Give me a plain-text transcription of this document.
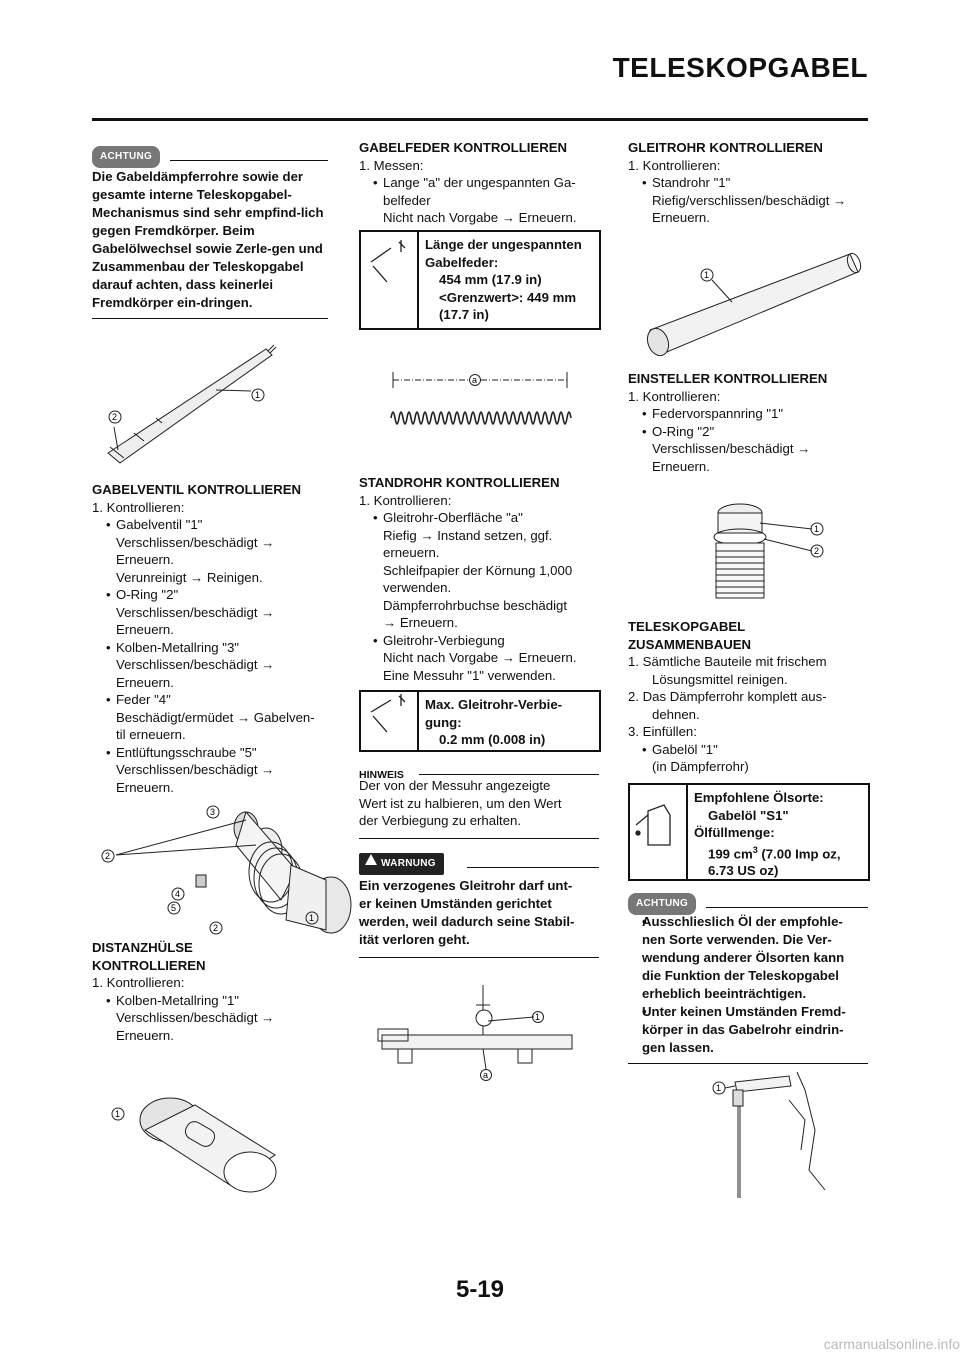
TELESKOPGABEL
ACHTUNG
Die Gabeldämpferrohre sowie der gesamte interne Teleskopgabel-Mechanismus sind sehr empfind-lich gegen Fremdkörper. Beim Gabelölwechsel sowie Zerle-gen und Zusammenbau der Teleskopgabel darauf achten, dass keinerlei Fremdkörper ein-dringen.
2
1
GABELVENTIL KONTROLLIEREN
1. Kontrollieren:
• Gabelventil "1"
Verschlissen/beschädigt →
Erneuern.
Verunreinigt → Reinigen.
• O-Ring "2"
Verschlissen/beschädigt →
Erneuern.
• Kolben-Metallring "3"
Verschlissen/beschädigt →
Erneuern.
• Feder "4"
Beschädigt/ermüdet → Gabelven-
til erneuern.
• Entlüftungsschraube "5"
Verschlissen/beschädigt →
Erneuern.
3
2
4
5
2
1
DISTANZHÜLSE
KONTROLLIEREN
1. Kontrollieren:
• Kolben-Metallring "1"
Verschlissen/beschädigt →
Erneuern.
1
GABELFEDER KONTROLLIEREN
1. Messen:
• Lange "a" der ungespannten Ga-
belfeder
Nicht nach Vorgabe → Erneuern.
Länge der ungespannten
Gabelfeder:
454 mm (17.9 in)
<Grenzwert>: 449 mm
(17.7 in)
a
STANDROHR KONTROLLIEREN
1. Kontrollieren:
• Gleitrohr-Oberfläche "a"
Riefig → Instand setzen, ggf.
erneuern.
Schleifpapier der Körnung 1,000
verwenden.
Dämpferrohrbuchse beschädigt
→ Erneuern.
• Gleitrohr-Verbiegung
Nicht nach Vorgabe → Erneuern.
Eine Messuhr "1" verwenden.
Max. Gleitrohr-Verbie-
gung:
0.2 mm (0.008 in)
HINWEIS
Der von der Messuhr angezeigte
Wert ist zu halbieren, um den Wert
der Verbiegung zu erhalten.
WARNUNG
Ein verzogenes Gleitrohr darf unt-
er keinen Umständen gerichtet
werden, weil dadurch seine Stabil-
ität verloren geht.
1
a
GLEITROHR KONTROLLIEREN
1. Kontrollieren:
• Standrohr "1"
Riefig/verschlissen/beschädigt →
Erneuern.
1
EINSTELLER KONTROLLIEREN
1. Kontrollieren:
• Federvorspannring "1"
• O-Ring "2"
Verschlissen/beschädigt →
Erneuern.
1
2
TELESKOPGABEL
ZUSAMMENBAUEN
1. Sämtliche Bauteile mit frischem
Lösungsmittel reinigen.
2. Das Dämpferrohr komplett aus-
dehnen.
3. Einfüllen:
• Gabelöl "1"
(in Dämpferrohr)
Empfohlene Ölsorte:
Gabelöl "S1"
Ölfüllmenge:
199 $cm^3$ (7.00 Imp oz,
6.73 US oz)
ACHTUNG
• Ausschlieslich Öl der empfohle-
nen Sorte verwenden. Die Ver-
wendung anderer Ölsorten kann
die Funktion der Teleskopgabel
erheblich beeinträchtigen.
• Unter keinen Umständen Fremd-
körper in das Gabelrohr eindrin-
gen lassen.
1
5-19
carmanualsonline.info
